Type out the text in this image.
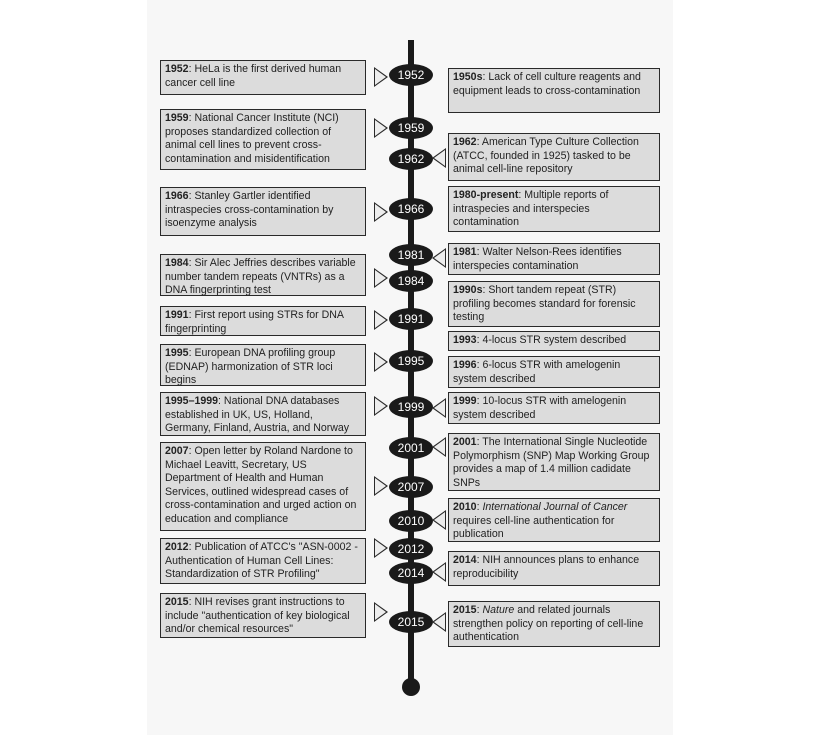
1952
1959
1962
1966
1981
1984
1991
1995
1999
2001
2007
2010
2012
2014
2015
1952: HeLa is the first derived human cancer cell line
1959: National Cancer Institute (NCI) proposes standardized collection of animal cell lines to prevent cross-contamination and misidentification
1966: Stanley Gartler identified intraspecies cross-contamination by isoenzyme analysis
1984: Sir Alec Jeffries describes variable number tandem repeats (VNTRs) as a DNA fingerprinting test
1991: First report using STRs for DNA fingerprinting
1995: European DNA profiling group (EDNAP) harmonization of STR loci begins
1995–1999: National DNA databases established in UK, US, Holland, Germany, Finland, Austria, and Norway
2007: Open letter by Roland Nardone to Michael Leavitt, Secretary, US Department of Health and Human Services, outlined widespread cases of cross-contamination and urged action on education and compliance
2012: Publication of ATCC's "ASN-0002 -Authentication of Human Cell Lines: Standardization of STR Profiling"
2015: NIH revises grant instructions to include "authentication of key biological and/or chemical resources"
1950s: Lack of cell culture reagents and equipment leads to cross-contamination
1962: American Type Culture Collection (ATCC, founded in 1925) tasked to be animal cell-line repository
1980-present: Multiple reports of intraspecies and interspecies contamination
1981: Walter Nelson-Rees identifies interspecies contamination
1990s: Short tandem repeat (STR) profiling becomes standard for forensic testing
1993: 4-locus STR system described
1996: 6-locus STR with amelogenin system described
1999: 10-locus STR with amelogenin system described
2001: The International Single Nucleotide Polymorphism (SNP) Map Working Group provides a map of 1.4 million cadidate SNPs
2010: International Journal of Cancer requires cell-line authentication for publication
2014: NIH announces plans to enhance reproducibility
2015: Nature and related journals strengthen policy on reporting of cell-line authentication
